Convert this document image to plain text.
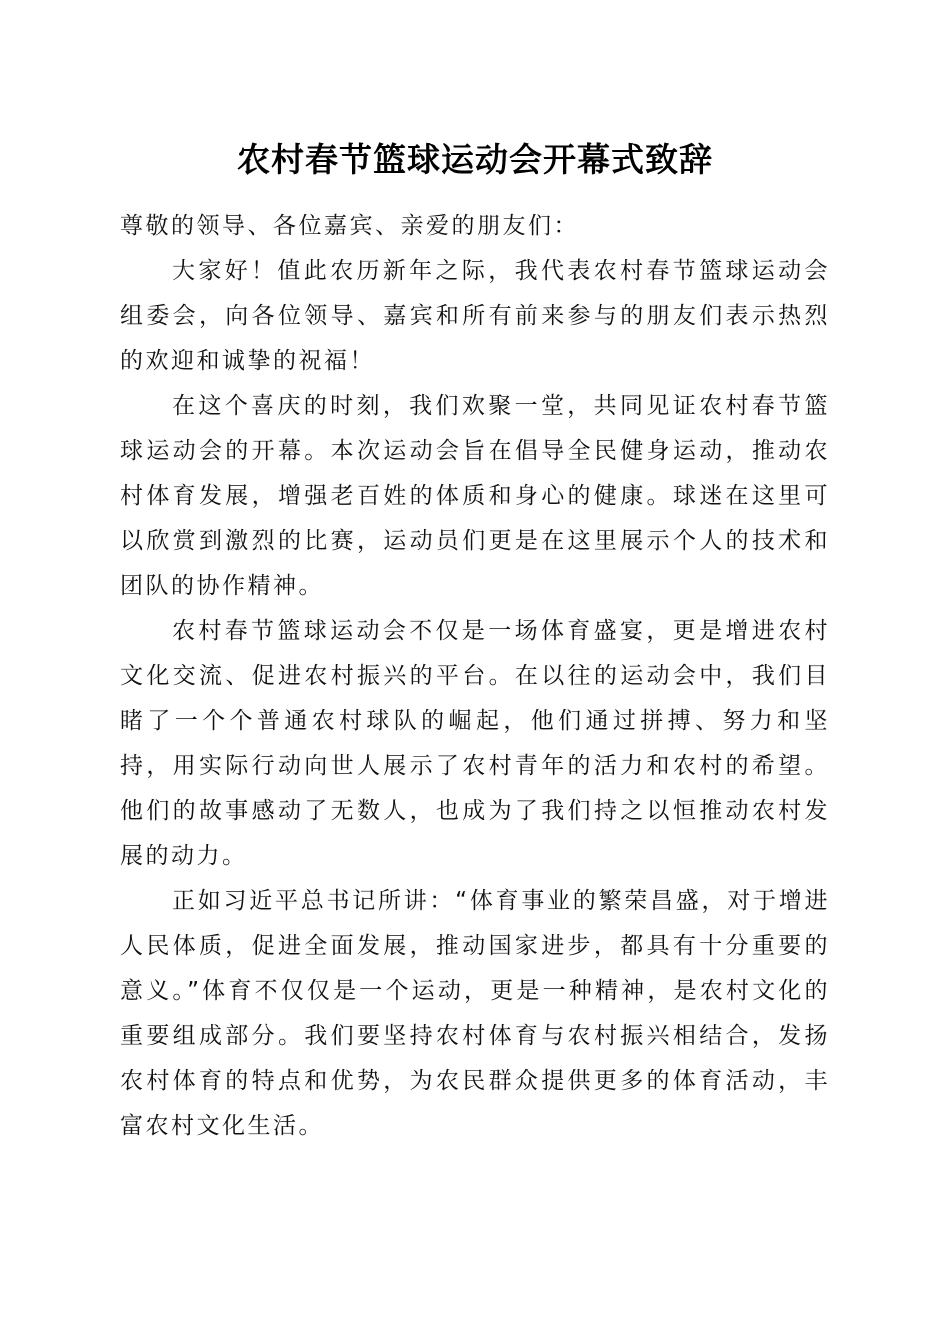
农村春节篮球运动会开幕式致辞

尊敬的领导、各位嘉宾、亲爱的朋友们：

大家好！值此农历新年之际，我代表农村春节篮球运动会组委会，向各位领导、嘉宾和所有前来参与的朋友们表示热烈的欢迎和诚挚的祝福！

在这个喜庆的时刻，我们欢聚一堂，共同见证农村春节篮球运动会的开幕。本次运动会旨在倡导全民健身运动，推动农村体育发展，增强老百姓的体质和身心的健康。球迷在这里可以欣赏到激烈的比赛，运动员们更是在这里展示个人的技术和团队的协作精神。

农村春节篮球运动会不仅是一场体育盛宴，更是增进农村文化交流、促进农村振兴的平台。在以往的运动会中，我们目睹了一个个普通农村球队的崛起，他们通过拼搏、努力和坚持，用实际行动向世人展示了农村青年的活力和农村的希望。他们的故事感动了无数人，也成为了我们持之以恒推动农村发展的动力。

正如习近平总书记所讲：“体育事业的繁荣昌盛，对于增进人民体质，促进全面发展，推动国家进步，都具有十分重要的意义。”体育不仅仅是一个运动，更是一种精神，是农村文化的重要组成部分。我们要坚持农村体育与农村振兴相结合，发扬农村体育的特点和优势，为农民群众提供更多的体育活动，丰富农村文化生活。
